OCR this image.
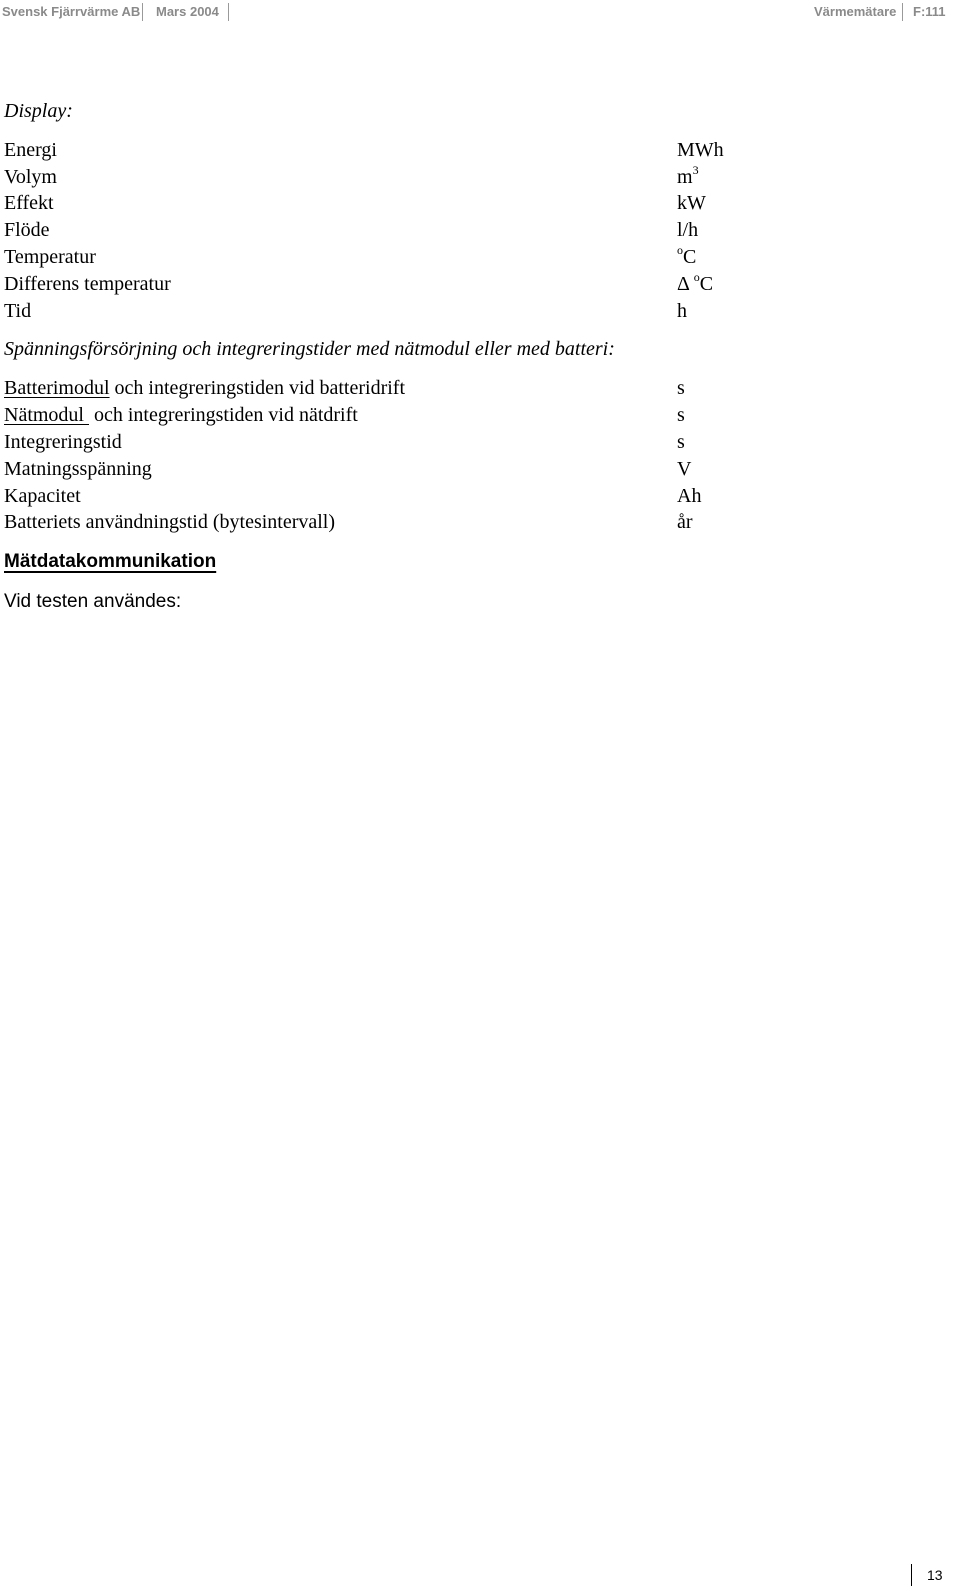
Svensk Fjärrvärme AB Mars 2004	Värmemätare F:111
Display:
Energi	MWh
Volym	$m^3$
Effekt	kW
Flöde	l/h
Temperatur	$^o$C
Differens temperatur	Δ $^o$C
Tid	h
Spänningsförsörjning och integreringstider med nätmodul eller med batteri:
Batterimodul och integreringstiden vid batteridrift	s
Nätmodul  och integreringstiden vid nätdrift	s
Integreringstid	s
Matningsspänning	V
Kapacitet	Ah
Batteriets användningstid (bytesintervall)	år
Mätdatakommunikation
Vid testen användes:
13
